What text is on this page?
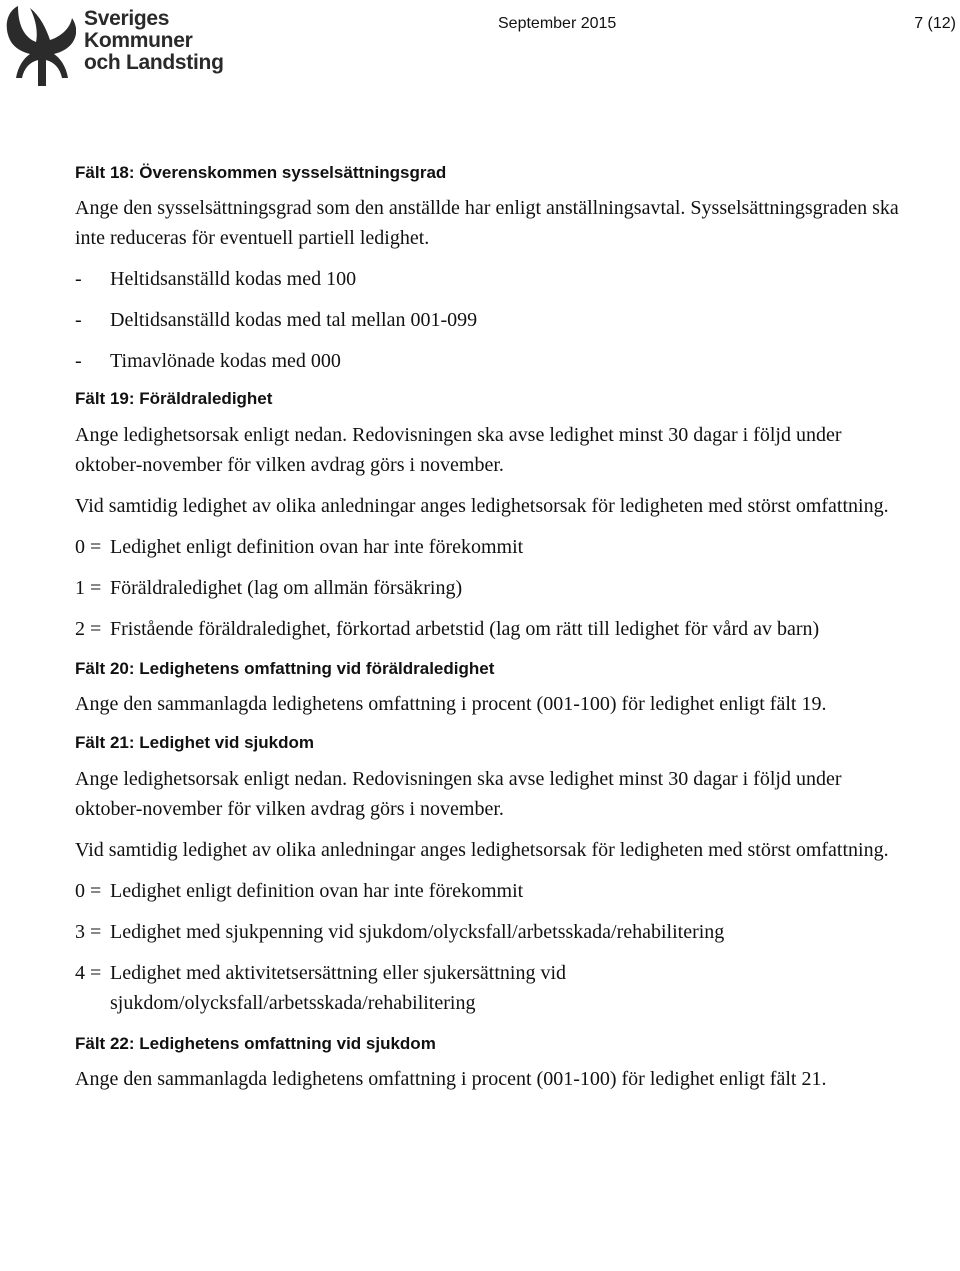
Sveriges
Kommuner
och Landsting
September 2015	7 (12)
Fält 18: Överenskommen sysselsättningsgrad

Ange den sysselsättningsgrad som den anställde har enligt anställningsavtal. Sysselsättningsgraden ska inte reduceras för eventuell partiell ledighet.

- Heltidsanställd kodas med 100

- Deltidsanställd kodas med tal mellan 001-099

- Timavlönade kodas med 000

Fält 19: Föräldraledighet

Ange ledighetsorsak enligt nedan. Redovisningen ska avse ledighet minst 30 dagar i följd under oktober-november för vilken avdrag görs i november.

Vid samtidig ledighet av olika anledningar anges ledighetsorsak för ledigheten med störst omfattning.

0 = Ledighet enligt definition ovan har inte förekommit

1 = Föräldraledighet (lag om allmän försäkring)

2 = Fristående föräldraledighet, förkortad arbetstid (lag om rätt till ledighet för vård av barn)

Fält 20: Ledighetens omfattning vid föräldraledighet

Ange den sammanlagda ledighetens omfattning i procent (001-100) för ledighet enligt fält 19.

Fält 21: Ledighet vid sjukdom

Ange ledighetsorsak enligt nedan. Redovisningen ska avse ledighet minst 30 dagar i följd under oktober-november för vilken avdrag görs i november.

Vid samtidig ledighet av olika anledningar anges ledighetsorsak för ledigheten med störst omfattning.

0 = Ledighet enligt definition ovan har inte förekommit

3 = Ledighet med sjukpenning vid sjukdom/olycksfall/arbetsskada/rehabilitering

4 = Ledighet med aktivitetsersättning eller sjukersättning vid sjukdom/olycksfall/arbetsskada/rehabilitering

Fält 22: Ledighetens omfattning vid sjukdom

Ange den sammanlagda ledighetens omfattning i procent (001-100) för ledighet enligt fält 21.
